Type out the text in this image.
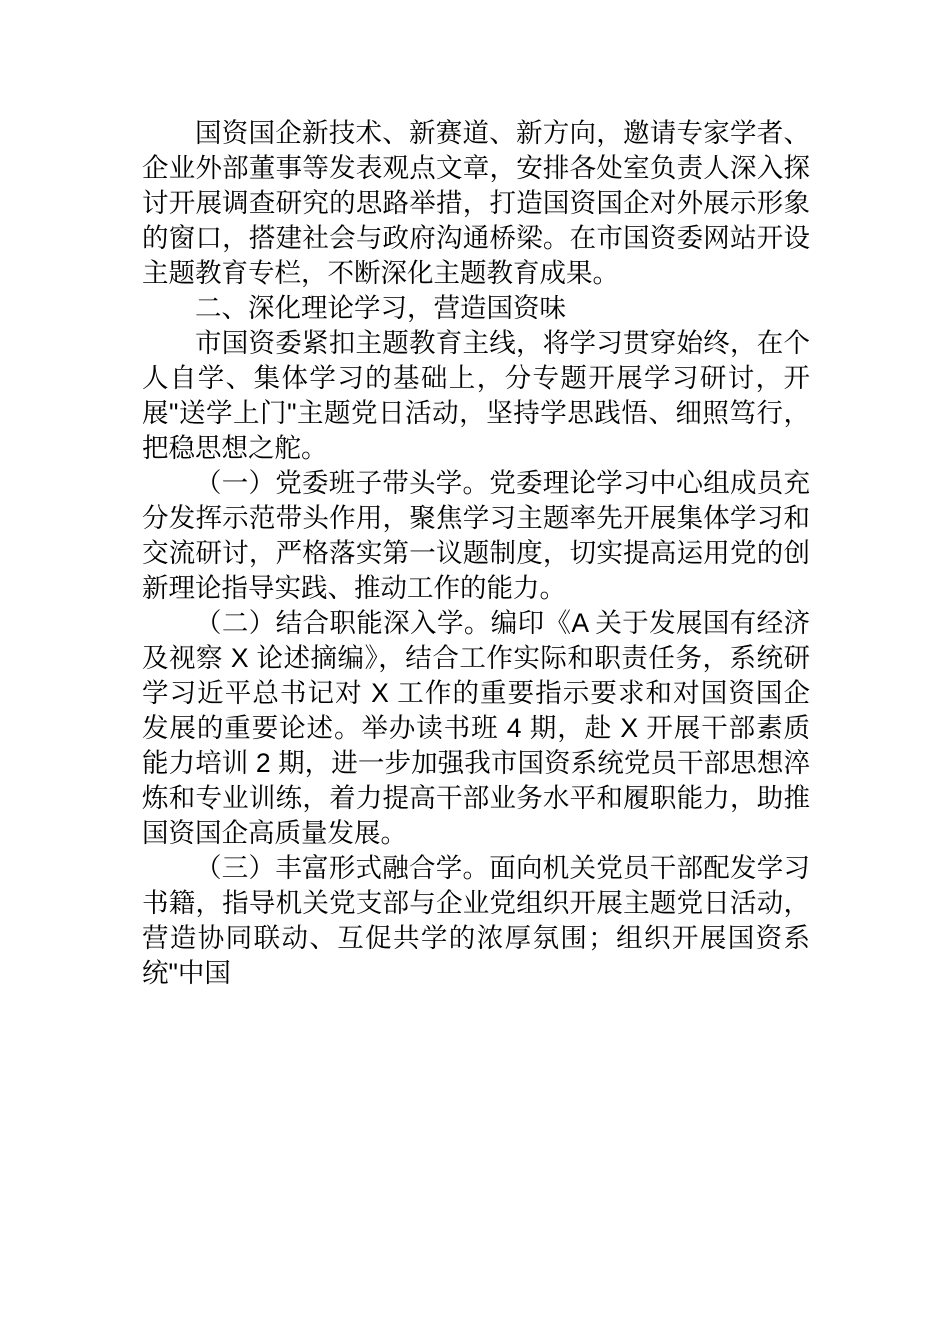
国资国企新技术、新赛道、新方向，邀请专家学者、企业外部董事等发表观点文章，安排各处室负责人深入探讨开展调查研究的思路举措，打造国资国企对外展示形象的窗口，搭建社会与政府沟通桥梁。在市国资委网站开设主题教育专栏，不断深化主题教育成果。

二、深化理论学习，营造国资味

市国资委紧扣主题教育主线，将学习贯穿始终，在个人自学、集体学习的基础上，分专题开展学习研讨，开展"送学上门"主题党日活动，坚持学思践悟、细照笃行，把稳思想之舵。

（一）党委班子带头学。党委理论学习中心组成员充分发挥示范带头作用，聚焦学习主题率先开展集体学习和交流研讨，严格落实第一议题制度，切实提高运用党的创新理论指导实践、推动工作的能力。

（二）结合职能深入学。编印《A 关于发展国有经济及视察 X 论述摘编》，结合工作实际和职责任务，系统研学习近平总书记对 X 工作的重要指示要求和对国资国企发展的重要论述。举办读书班 4 期，赴 X 开展干部素质能力培训 2 期，进一步加强我市国资系统党员干部思想淬炼和专业训练，着力提高干部业务水平和履职能力，助推国资国企高质量发展。

（三）丰富形式融合学。面向机关党员干部配发学习书籍，指导机关党支部与企业党组织开展主题党日活动，营造协同联动、互促共学的浓厚氛围；组织开展国资系统"中国
